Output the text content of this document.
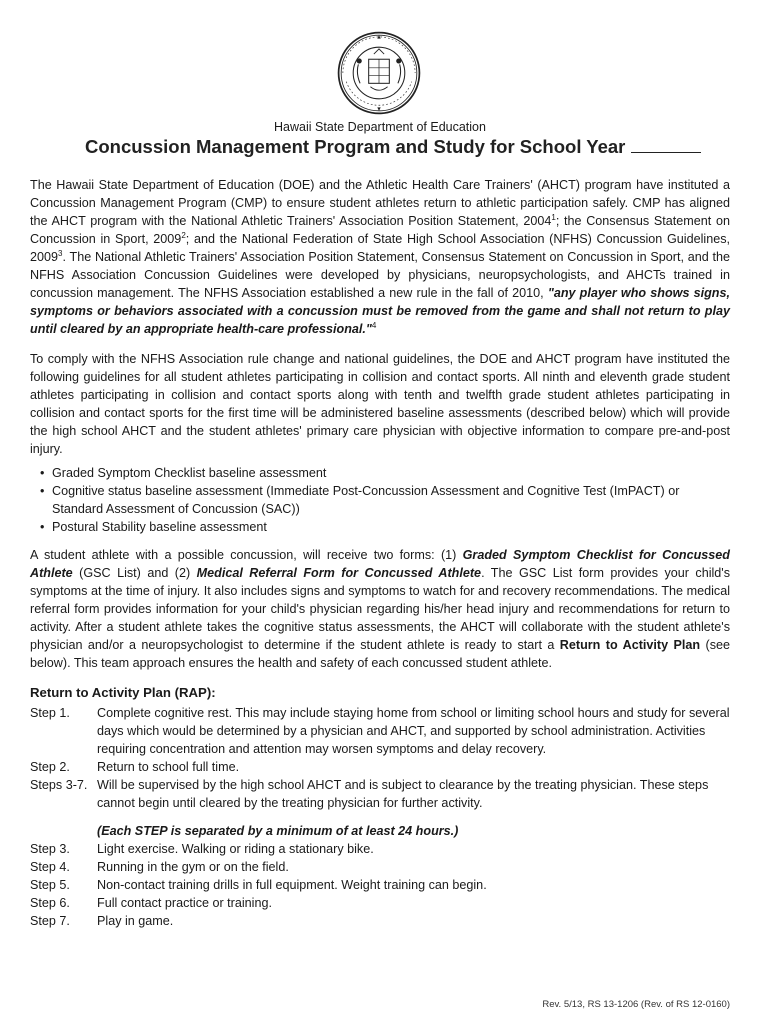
Hawaii State Department of Education
Concussion Management Program and Study for School Year

The Hawaii State Department of Education (DOE) and the Athletic Health Care Trainers' (AHCT) program have instituted a Concussion Management Program (CMP) to ensure student athletes return to athletic participation safely. CMP has aligned the AHCT program with the National Athletic Trainers' Association Position Statement, 2004$^1$; the Consensus Statement on Concussion in Sport, 2009$^2$; and the National Federation of State High School Association (NFHS) Concussion Guidelines, 2009$^3$. The National Athletic Trainers' Association Position Statement, Consensus Statement on Concussion in Sport, and the NFHS Association Concussion Guidelines were developed by physicians, neuropsychologists, and AHCTs trained in concussion management. The NFHS Association established a new rule in the fall of 2010, "any player who shows signs, symptoms or behaviors associated with a concussion must be removed from the game and shall not return to play until cleared by an appropriate health-care professional."$^4$

To comply with the NFHS Association rule change and national guidelines, the DOE and AHCT program have instituted the following guidelines for all student athletes participating in collision and contact sports. All ninth and eleventh grade student athletes participating in collision and contact sports along with tenth and twelfth grade student athletes participating in collision and contact sports for the first time will be administered baseline assessments (described below) which will provide the high school AHCT and the student athletes' primary care physician with objective information to compare pre-and-post injury.

• Graded Symptom Checklist baseline assessment
• Cognitive status baseline assessment (Immediate Post-Concussion Assessment and Cognitive Test (ImPACT) or Standard Assessment of Concussion (SAC))
• Postural Stability baseline assessment

A student athlete with a possible concussion, will receive two forms: (1) Graded Symptom Checklist for Concussed Athlete (GSC List) and (2) Medical Referral Form for Concussed Athlete. The GSC List form provides your child's symptoms at the time of injury. It also includes signs and symptoms to watch for and recovery recommendations. The medical referral form provides information for your child's physician regarding his/her head injury and recommendations for return to activity. After a student athlete takes the cognitive status assessments, the AHCT will collaborate with the student athlete's physician and/or a neuropsychologist to determine if the student athlete is ready to start a Return to Activity Plan (see below). This team approach ensures the health and safety of each concussed student athlete.

Return to Activity Plan (RAP):
Step 1.	Complete cognitive rest. This may include staying home from school or limiting school hours and study for several days which would be determined by a physician and AHCT, and supported by school administration. Activities requiring concentration and attention may worsen symptoms and delay recovery.
Step 2.	Return to school full time.
Steps 3-7. Will be supervised by the high school AHCT and is subject to clearance by the treating physician. These steps cannot begin until cleared by the treating physician for further activity.
(Each STEP is separated by a minimum of at least 24 hours.)
Step 3.	Light exercise. Walking or riding a stationary bike.
Step 4.	Running in the gym or on the field.
Step 5.	Non-contact training drills in full equipment. Weight training can begin.
Step 6.	Full contact practice or training.
Step 7.	Play in game.
Rev. 5/13, RS 13-1206 (Rev. of RS 12-0160)
